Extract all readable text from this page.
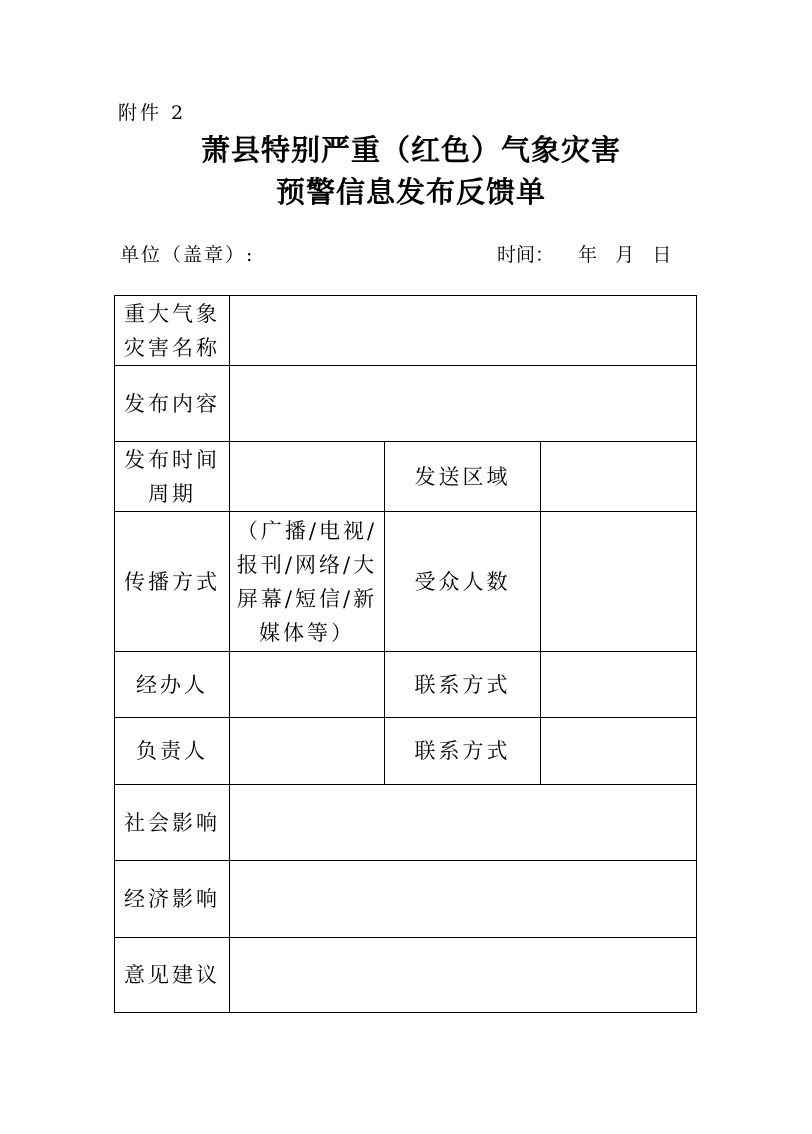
附件 2
萧县特别严重（红色）气象灾害
预警信息发布反馈单
单位（盖章）:	时间：    年   月   日
重大气象
灾害名称			

发布内容			

发布时间
周期		发送区域	
传播方式	（广播/电视/
报刊/网络/大
屏幕/短信/新
媒体等）	受众人数	
经办人		联系方式	
负责人		联系方式	
社会影响			
经济影响			
意见建议			
